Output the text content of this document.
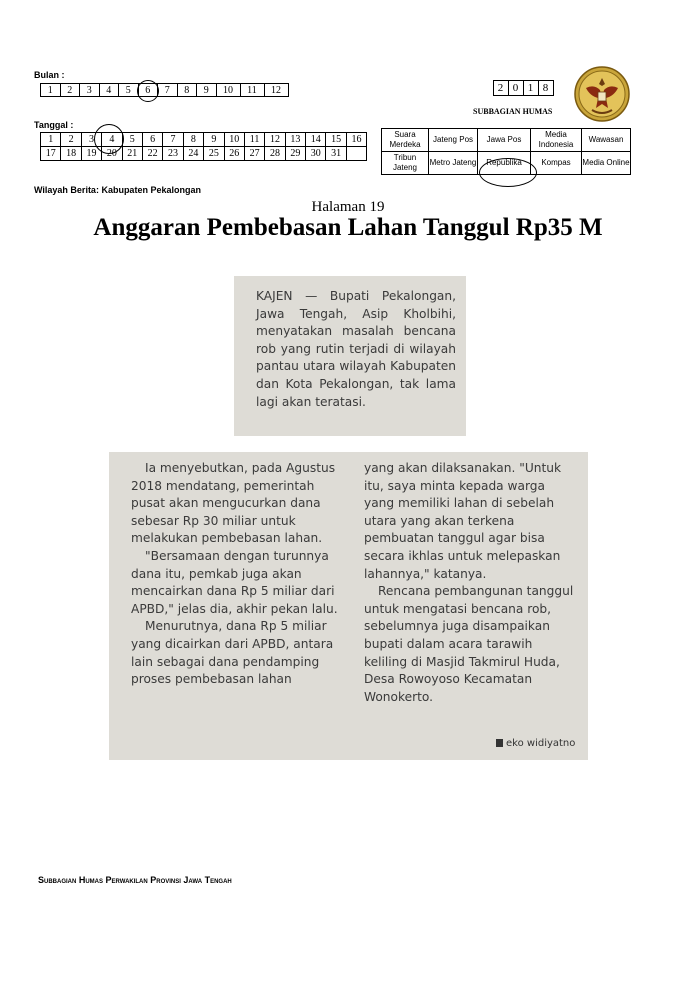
Bulan :
1	2	3	4	5	6	7	8	9	10	11	12
Tanggal :
1	2	3	4	5	6	7	8	9	10	11	12	13	14	15	16
17	18	19	20	21	22	23	24	25	26	27	28	29	30	31	
Wilayah Berita: Kabupaten Pekalongan
2	0	1	8
SUBBAGIAN HUMAS
Suara Merdeka	Jateng Pos	Jawa Pos	Media Indonesia	Wawasan
Tribun Jateng	Metro Jateng	Republika	Kompas	Media Online
Halaman 19
Anggaran Pembebasan Lahan Tanggul Rp35 M

KAJEN — Bupati Pekalongan, Jawa Tengah, Asip Kholbihi, menyatakan masalah bencana rob yang rutin terjadi di wilayah pantau utara wilayah Kabupaten dan Kota Pekalongan, tak lama lagi akan teratasi.

Ia menyebutkan, pada Agustus 2018 mendatang, pemerintah pusat akan mengucurkan dana sebesar Rp 30 miliar untuk melakukan pembebasan lahan.

"Bersamaan dengan turunnya dana itu, pemkab juga akan mencairkan dana Rp 5 miliar dari APBD," jelas dia, akhir pekan lalu.

Menurutnya, dana Rp 5 miliar yang dicairkan dari APBD, antara lain sebagai dana pendamping proses pembebasan lahan

yang akan dilaksanakan. "Untuk itu, saya minta kepada warga yang memiliki lahan di sebelah utara yang akan terkena pembuatan tanggul agar bisa secara ikhlas untuk melepaskan lahannya," katanya.

Rencana pembangunan tanggul untuk mengatasi bencana rob, sebelumnya juga disampaikan bupati dalam acara tarawih keliling di Masjid Takmirul Huda, Desa Rowoyoso Kecamatan Wonokerto.

eko widiyatno
Subbagian Humas Perwakilan Provinsi Jawa Tengah
